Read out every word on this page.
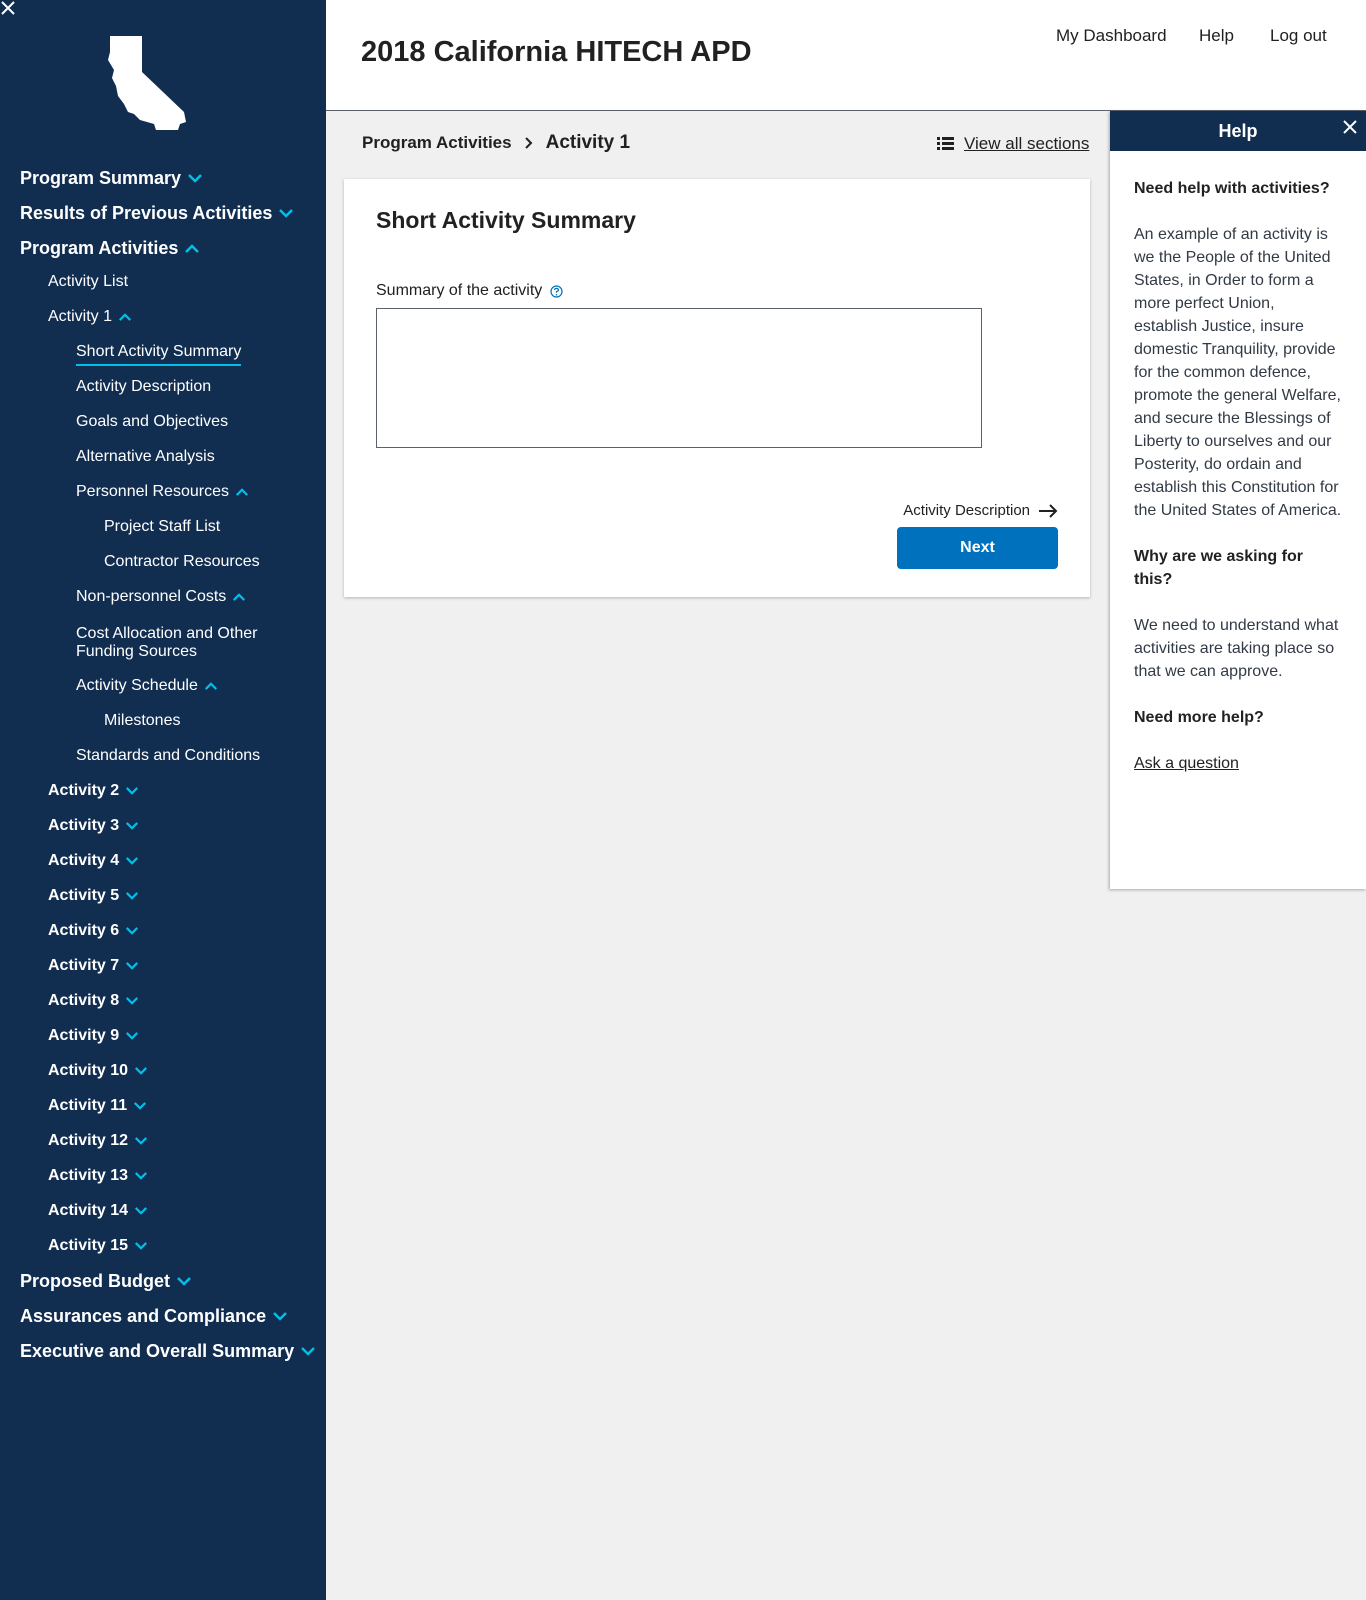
Program Summary
Results of Previous Activities
Program Activities
Activity List
Activity 1
Short Activity Summary
Activity Description
Goals and Objectives
Alternative Analysis
Personnel Resources
Project Staff List
Contractor Resources
Non-personnel Costs
Cost Allocation and Other Funding Sources
Activity Schedule
Milestones
Standards and Conditions
Activity 2
Activity 3
Activity 4
Activity 5
Activity 6
Activity 7
Activity 8
Activity 9
Activity 10
Activity 11
Activity 12
Activity 13
Activity 14
Activity 15
Proposed Budget
Assurances and Compliance
Executive and Overall Summary
2018 California HITECH APD
My Dashboard Help Log out
Program Activities Activity 1	View all sections
Short Activity Summary
Summary of the activity
Activity Description
Next
Help
Need help with activities?

An example of an activity is we the People of the United States, in Order to form a more perfect Union, establish Justice, insure domestic Tranquility, provide for the common defence, promote the general Welfare, and secure the Blessings of Liberty to ourselves and our Posterity, do ordain and establish this Constitution for the United States of America.

Why are we asking for this?

We need to understand what activities are taking place so that we can approve.

Need more help?

Ask a question
